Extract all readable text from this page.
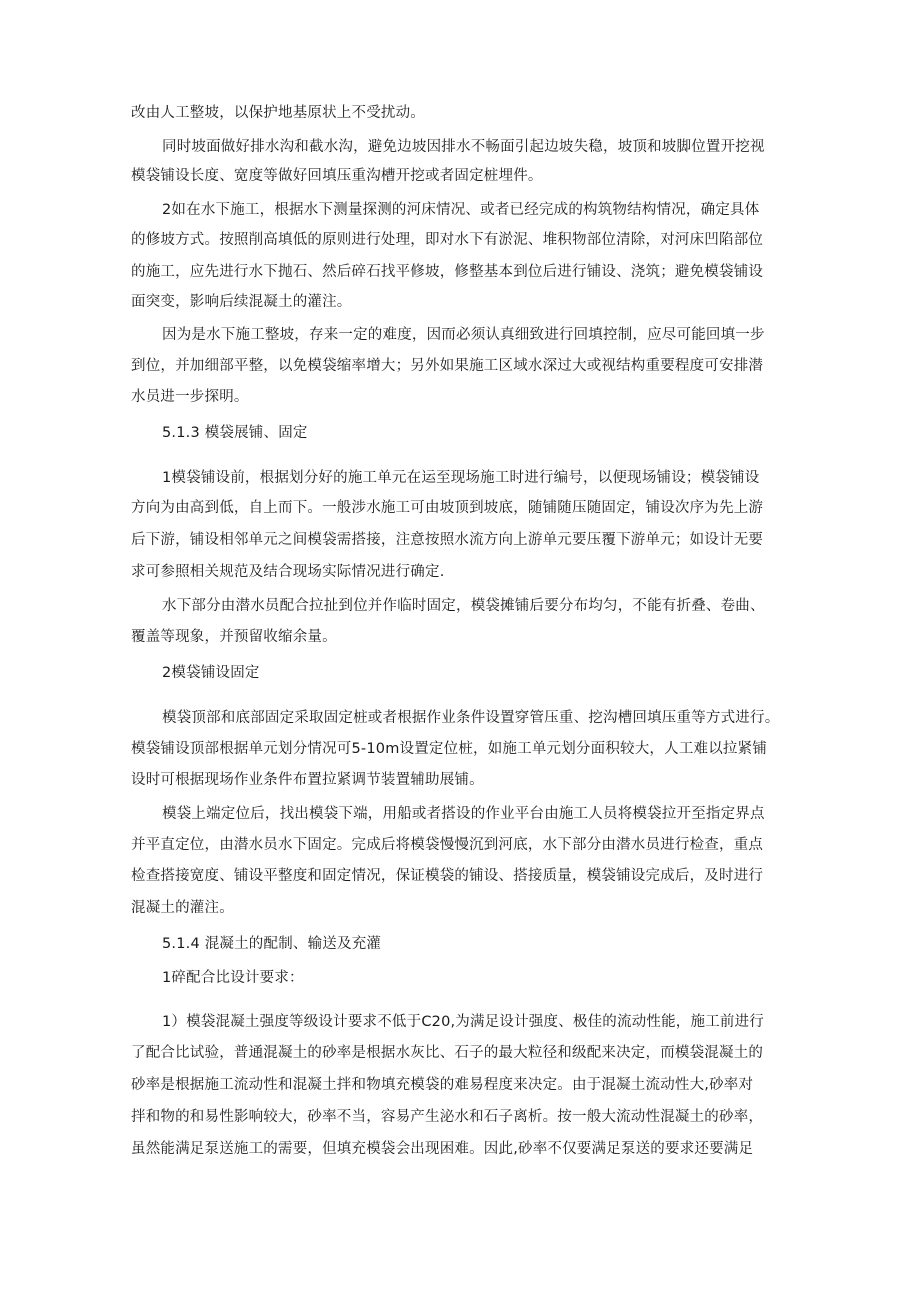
改由人工整坡，以保护地基原状上不受扰动。
同时坡面做好排水沟和截水沟，避免边坡因排水不畅面引起边坡失稳，坡顶和坡脚位置开挖视
模袋铺设长度、宽度等做好回填压重沟槽开挖或者固定桩埋件。
2如在水下施工，根据水下测量探测的河床情况、或者已经完成的构筑物结构情况，确定具体
的修坡方式。按照削高填低的原则进行处理，即对水下有淤泥、堆积物部位清除，对河床凹陷部位
的施工，应先进行水下抛石、然后碎石找平修坡，修整基本到位后进行铺设、浇筑；避免模袋铺设
面突变，影响后续混凝土的灌注。
因为是水下施工整坡，存来一定的难度，因而必须认真细致进行回填控制，应尽可能回填一步
到位，并加细部平整，以免模袋缩率增大；另外如果施工区域水深过大或视结构重要程度可安排潜
水员进一步探明。
5.1.3 模袋展铺、固定
1模袋铺设前，根据划分好的施工单元在运至现场施工时进行编号，以便现场铺设；模袋铺设
方向为由高到低，自上而下。一般涉水施工可由坡顶到坡底，随铺随压随固定，铺设次序为先上游
后下游，铺设相邻单元之间模袋需搭接，注意按照水流方向上游单元要压覆下游单元；如设计无要
求可参照相关规范及结合现场实际情况进行确定.
水下部分由潜水员配合拉扯到位并作临时固定，模袋摊铺后要分布均匀，不能有折叠、卷曲、
覆盖等现象，并预留收缩余量。
2模袋铺设固定
模袋顶部和底部固定采取固定桩或者根据作业条件设置穿管压重、挖沟槽回填压重等方式进行。
模袋铺设顶部根据单元划分情况可5-10m设置定位桩，如施工单元划分面积较大，人工难以拉紧铺
设时可根据现场作业条件布置拉紧调节装置辅助展铺。
模袋上端定位后，找出模袋下端，用船或者搭设的作业平台由施工人员将模袋拉开至指定界点
并平直定位，由潜水员水下固定。完成后将模袋慢慢沉到河底，水下部分由潜水员进行检查，重点
检查搭接宽度、铺设平整度和固定情况，保证模袋的铺设、搭接质量，模袋铺设完成后，及时进行
混凝土的灌注。
5.1.4 混凝土的配制、输送及充灌
1碎配合比设计要求：
1）模袋混凝土强度等级设计要求不低于C20,为满足设计强度、极佳的流动性能，施工前进行
了配合比试验，普通混凝土的砂率是根据水灰比、石子的最大粒径和级配来决定，而模袋混凝土的
砂率是根据施工流动性和混凝土拌和物填充模袋的难易程度来决定。由于混凝土流动性大,砂率对
拌和物的和易性影响较大，砂率不当，容易产生泌水和石子离析。按一般大流动性混凝土的砂率，
虽然能满足泵送施工的需要，但填充模袋会出现困难。因此,砂率不仅要满足泵送的要求还要满足
